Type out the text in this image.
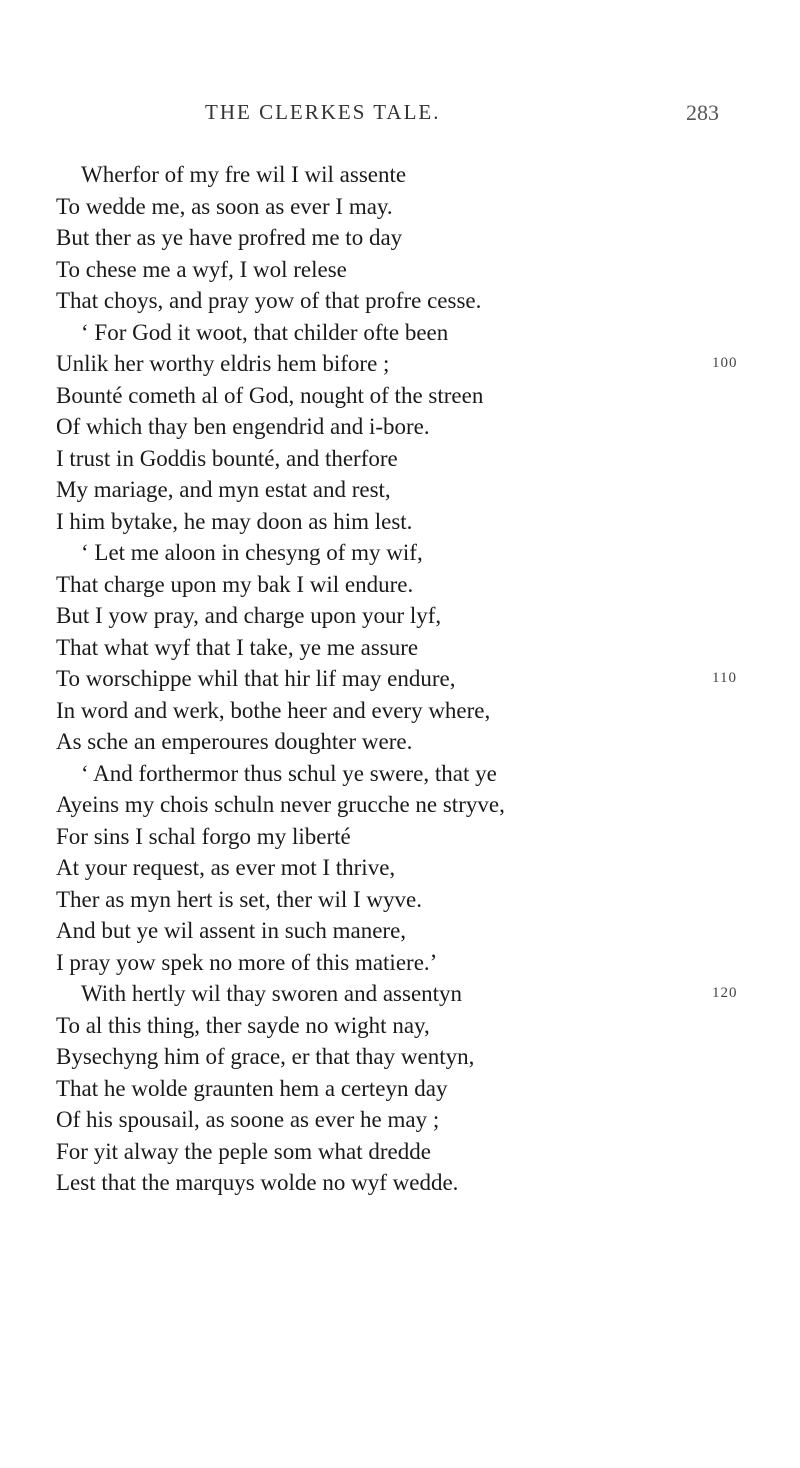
THE CLERKES TALE.	283
Wherfor of my fre wil I wil assente
To wedde me, as soon as ever I may.
But ther as ye have profred me to day
To chese me a wyf, I wol relese
That choys, and pray yow of that profre cesse.
‘ For God it woot, that childer ofte been
Unlik her worthy eldris hem bifore ;	100
Bounté cometh al of God, nought of the streen
Of which thay ben engendrid and i-bore.
I trust in Goddis bounté, and therfore
My mariage, and myn estat and rest,
I him bytake, he may doon as him lest.
‘ Let me aloon in chesyng of my wif,
That charge upon my bak I wil endure.
But I yow pray, and charge upon your lyf,
That what wyf that I take, ye me assure
To worschippe whil that hir lif may endure,	110
In word and werk, bothe heer and every where,
As sche an emperoures doughter were.
‘ And forthermor thus schul ye swere, that ye
Ayeins my chois schuln never grucche ne stryve,
For sins I schal forgo my liberté
At your request, as ever mot I thrive,
Ther as myn hert is set, ther wil I wyve.
And but ye wil assent in such manere,
I pray yow spek no more of this matiere.’
With hertly wil thay sworen and assentyn	120
To al this thing, ther sayde no wight nay,
Bysechyng him of grace, er that thay wentyn,
That he wolde graunten hem a certeyn day
Of his spousail, as soone as ever he may ;
For yit alway the peple som what dredde
Lest that the marquys wolde no wyf wedde.
